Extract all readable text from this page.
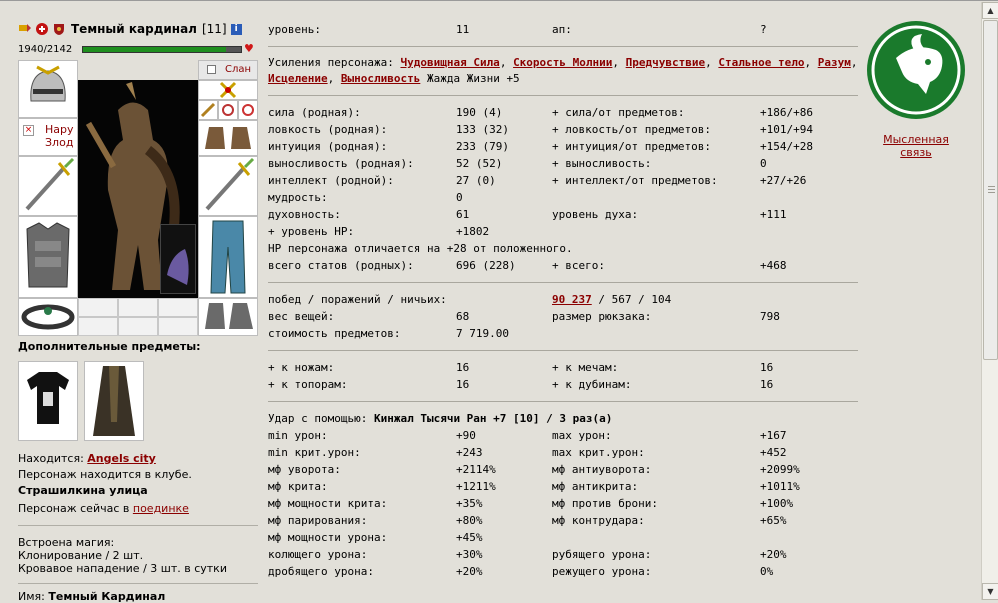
Темный кардинал [11] i
1940/2142	♥
× Нару Злод
Слан
Дополнительные предметы:
Находится: Angels city
Персонаж находится в клубе.
Страшилкина улица
Персонаж сейчас в поединке
Встроена магия:
Клонирование / 2 шт.
Кровавое нападение / 3 шт. в сутки
Имя: Темный Кардинал
уровень:	11	ап:	?
Усиления персонажа: Чудовищная Сила, Скорость Молнии, Предчувствие, Стальное тело, Разум, Исцеление, Выносливость Жажда Жизни +5
сила (родная):	190 (4)	+ сила/от предметов:	+186/+86
ловкость (родная):	133 (32)	+ ловкость/от предметов:	+101/+94
интуиция (родная):	233 (79)	+ интуиция/от предметов:	+154/+28
выносливость (родная):	52 (52)	+ выносливость:	0
интеллект (родной):	27 (0)	+ интеллект/от предметов:	+27/+26
мудрость:	0
духовность:	61	уровень духа:	+111
+ уровень HP:	+1802
HP персонажа отличается на +28 от положенного.
всего статов (родных):	696 (228)	+ всего:	+468
побед / поражений / ничьих:	90 237 / 567 / 104
вес вещей:	68	размер рюкзака:	798
стоимость предметов:	7 719.00
+ к ножам:	16	+ к мечам:	16
+ к топорам:	16	+ к дубинам:	16
Удар с помощью: Кинжал Тысячи Ран +7 [10] / 3 раз(а)
min урон:	+90	max урон:	+167
min крит.урон:	+243	max крит.урон:	+452
мф уворота:	+2114%	мф антиуворота:	+2099%
мф крита:	+1211%	мф антикрита:	+1011%
мф мощности крита:	+35%	мф против брони:	+100%
мф парирования:	+80%	мф контрудара:	+65%
мф мощности урона:	+45%
колющего урона:	+30%	рубящего урона:	+20%
дробящего урона:	+20%	режущего урона:	0%
Мысленная
связь
▲
▼
